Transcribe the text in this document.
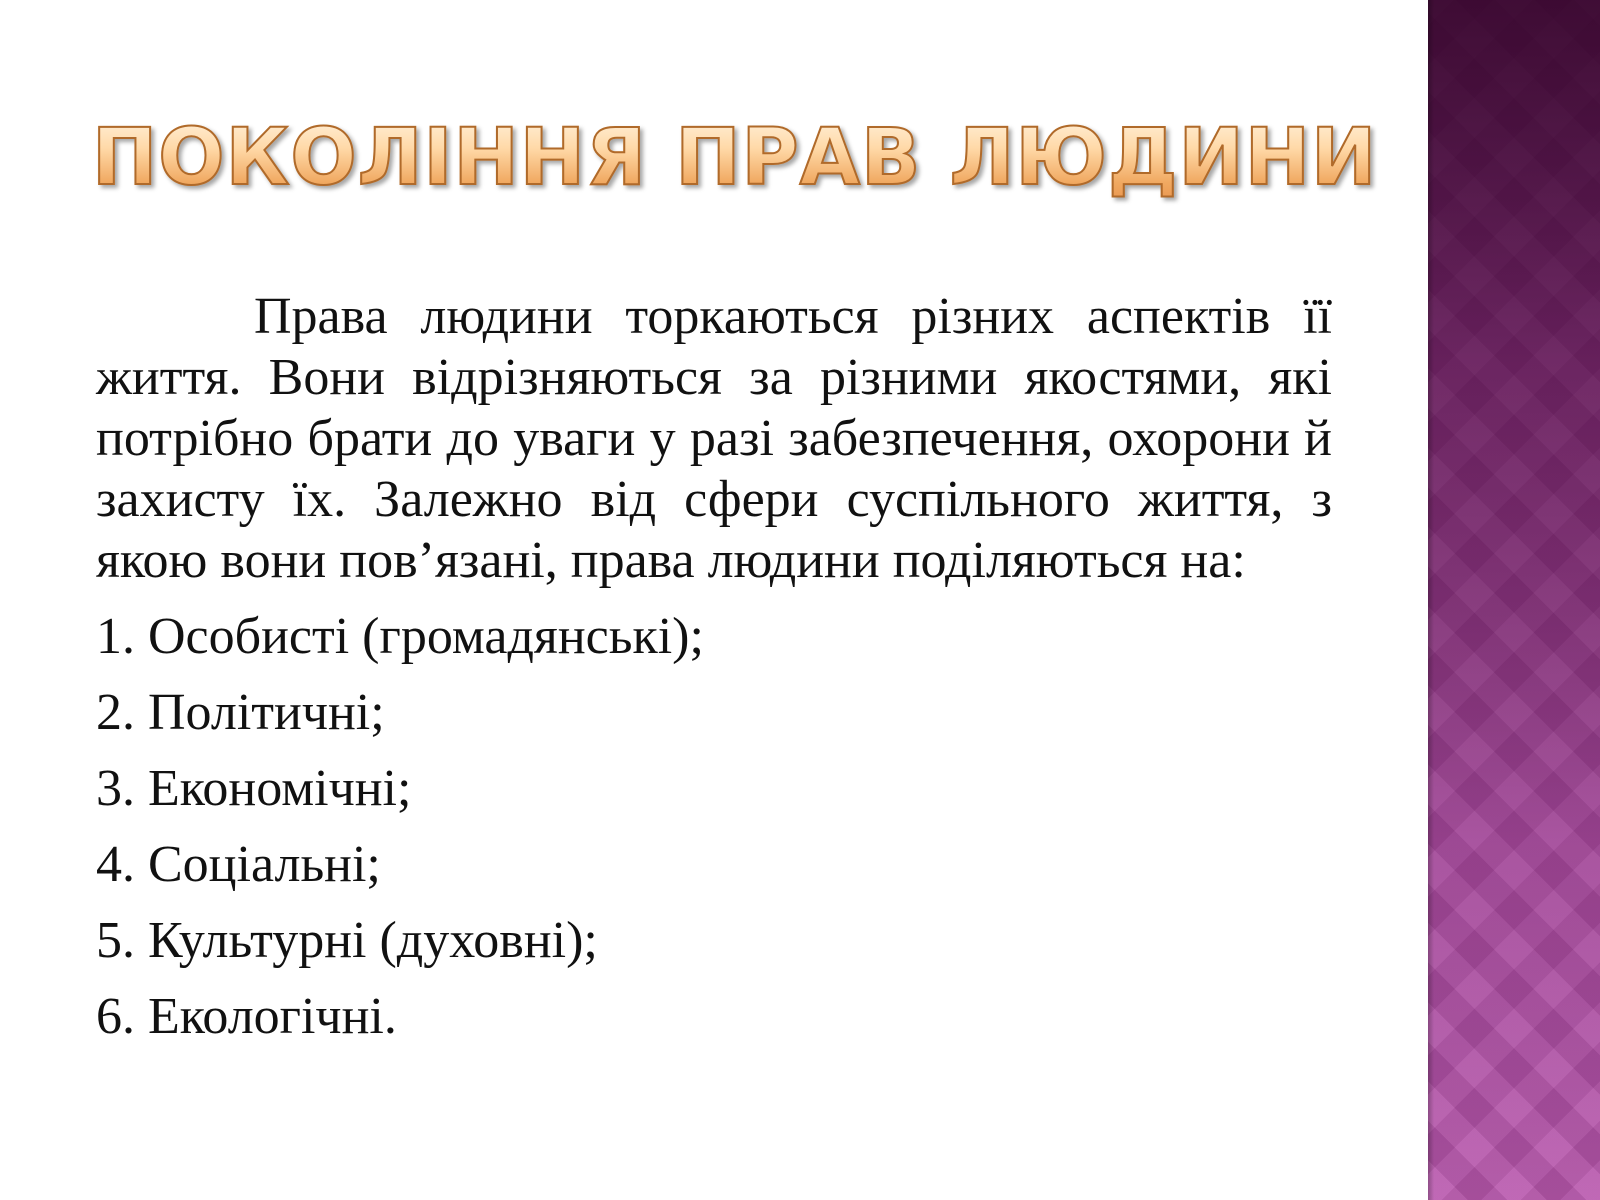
ПОКОЛІННЯ ПРАВ ЛЮДИНИ

Права людини торкаються різних аспектів її життя. Вони відрізняються за різними якостями, які потрібно брати до уваги у разі забезпечення, охорони й захисту їх. Залежно від сфери суспільного життя, з якою вони пов’язані, права людини поділяються на:

1. Особисті (громадянські);
2. Політичні;
3. Економічні;
4. Соціальні;
5. Культурні (духовні);
6. Екологічні.
